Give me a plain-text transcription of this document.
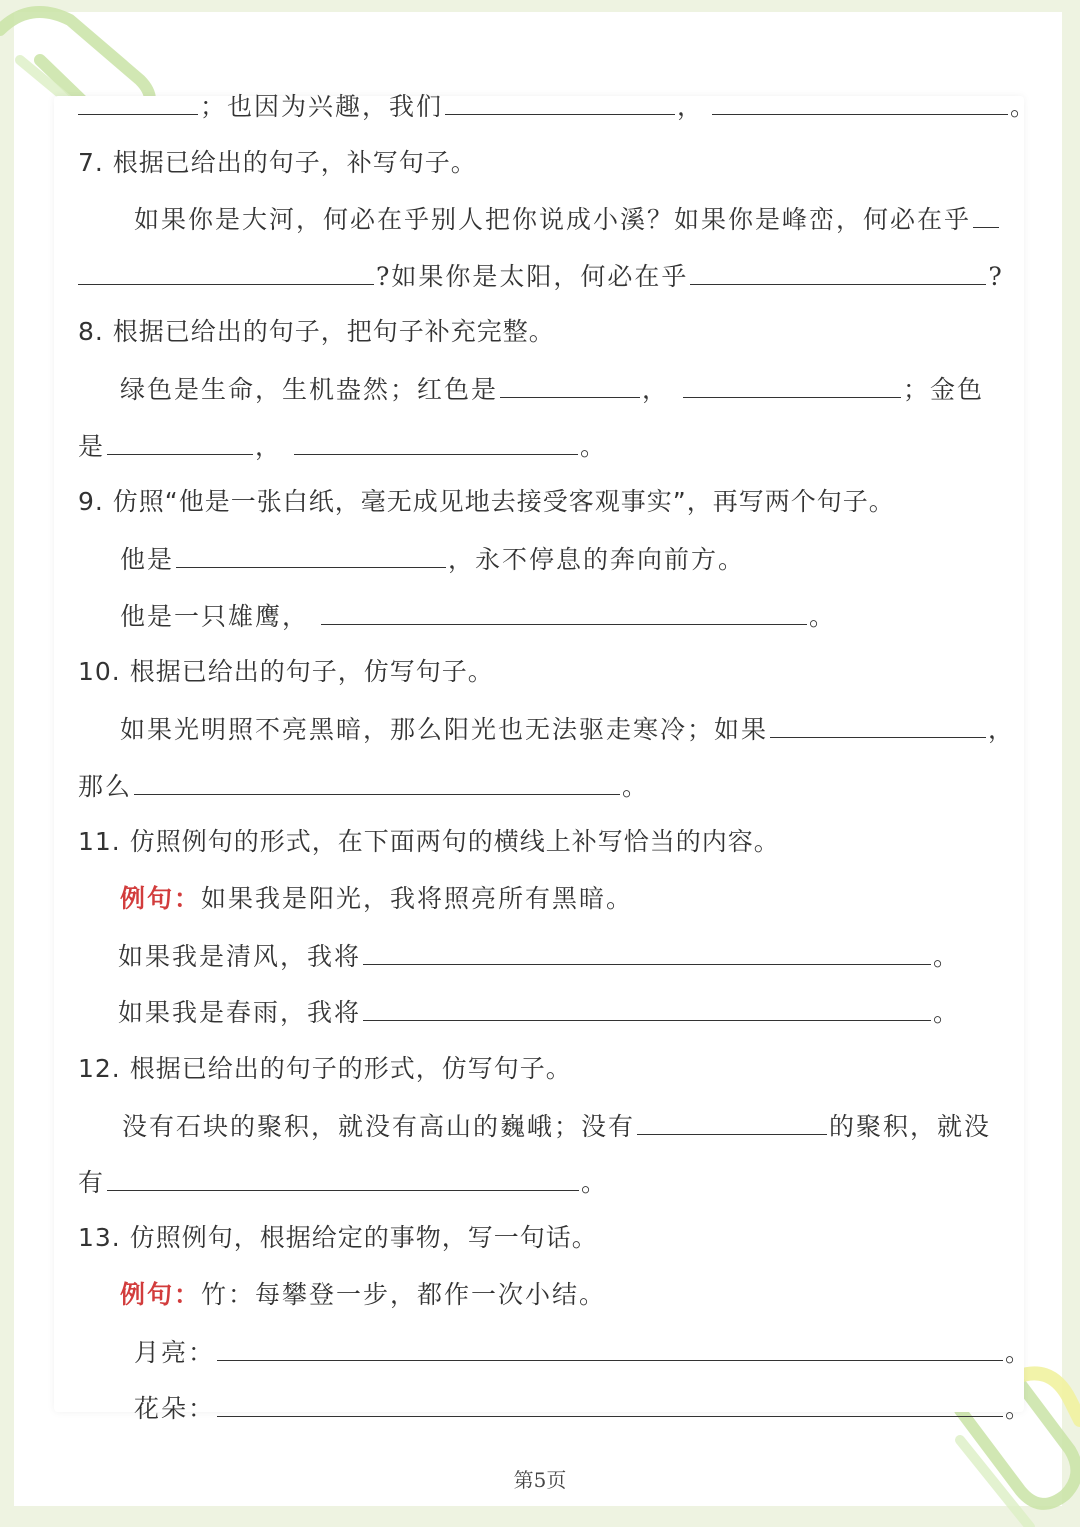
；也因为兴趣，我们	，	。
7. 根据已给出的句子，补写句子。
如果你是大河，何必在乎别人把你说成小溪？如果你是峰峦，何必在乎
?如果你是太阳，何必在乎	?
8. 根据已给出的句子，把句子补充完整。
绿色是生命，生机盎然；红色是	，	；金色
是	，	。
9. 仿照“他是一张白纸，毫无成见地去接受客观事实”，再写两个句子。
他是	，永不停息的奔向前方。
他是一只雄鹰，	。
10. 根据已给出的句子，仿写句子。
如果光明照不亮黑暗，那么阳光也无法驱走寒冷；如果	，
那么	。
11. 仿照例句的形式，在下面两句的横线上补写恰当的内容。
例句：如果我是阳光，我将照亮所有黑暗。
如果我是清风，我将	。
如果我是春雨，我将	。
12. 根据已给出的句子的形式，仿写句子。
没有石块的聚积，就没有高山的巍峨；没有	的聚积，就没
有	。
13. 仿照例句，根据给定的事物，写一句话。
例句：竹：每攀登一步，都作一次小结。
月亮：	。
花朵：	。
第5页
